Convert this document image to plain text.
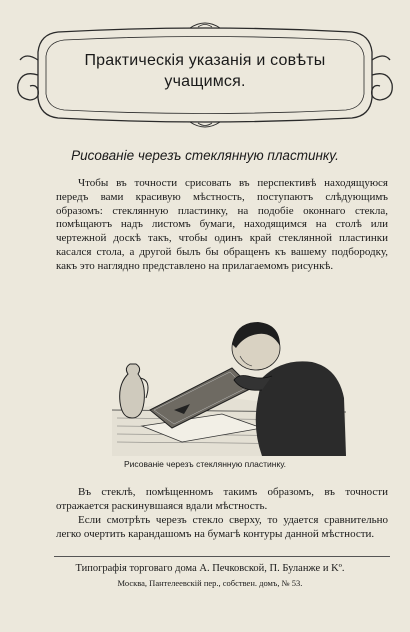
Практическія указанія и совѣты
учащимся.
Рисованіе черезъ стеклянную пластинку.
Чтобы въ точности срисовать въ перспективѣ находящуюся передъ вами красивую мѣстность, поступаютъ слѣдующимъ образомъ: стеклянную пластинку, на подобіе оконнаго стекла, помѣщаютъ надъ листомъ бумаги, находящимся на столѣ или чертежной доскѣ такъ, чтобы одинъ край стеклянной пластинки касался стола, а другой былъ бы обращенъ къ вашему подбородку, какъ это наглядно представлено на прилагаемомъ рисункѣ.
Рисованіе черезъ стеклянную пластинку.
Въ стеклѣ, помѣщенномъ такимъ образомъ, въ точности отражается раскинувшаяся вдали мѣстность.
Если смотрѣть черезъ стекло сверху, то удается сравнительно легко очертить карандашомъ на бумагѣ контуры данной мѣстности.
Типографія торговаго дома А. Печковской, П. Буланже и Kº.
Москва, Пантелеевскій пер., собствен. домъ, № 53.
